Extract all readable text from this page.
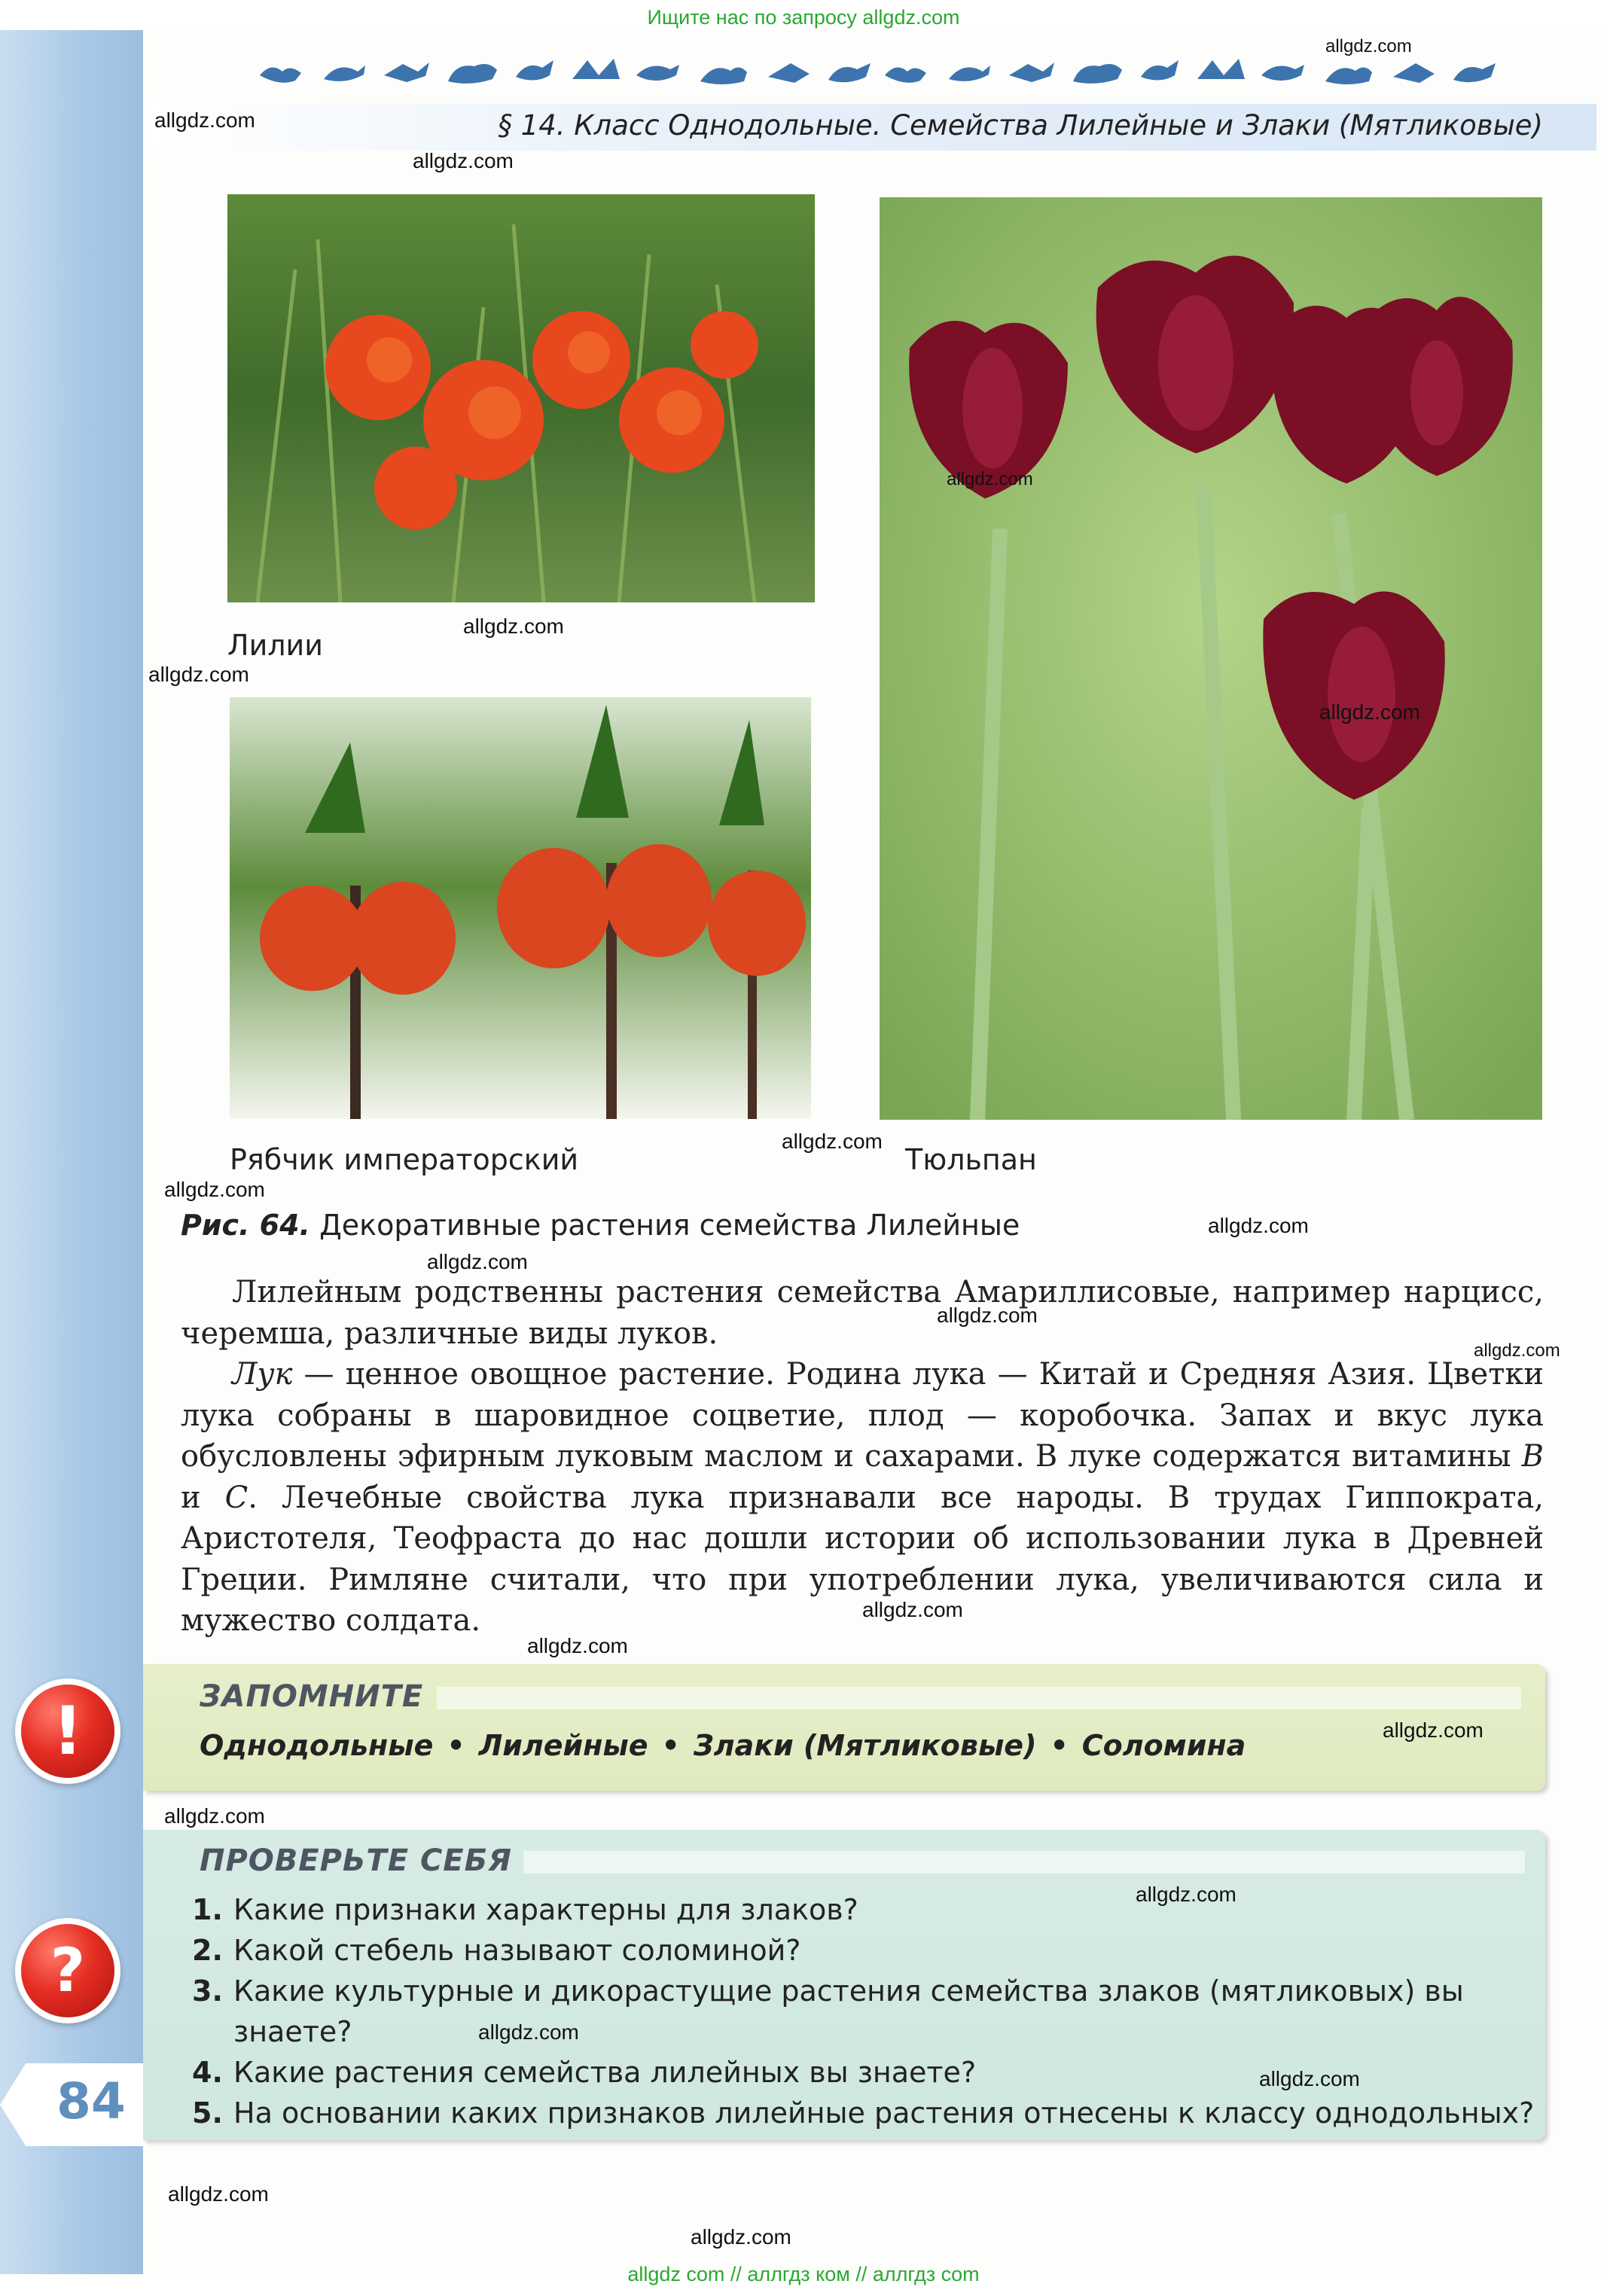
Ищите нас по запросу allgdz.com
§ 14. Класс Однодольные. Семейства Лилейные и Злаки (Мятликовые)
Лилии
Рябчик императорский	Тюльпан
Рис. 64. Декоративные растения семейства Лилейные
Лилейным родственны растения семейства Амариллисовые, например нарцисс, черемша, различные виды луков.
Лук — ценное овощное растение. Родина лука — Китай и Средняя Азия. Цветки лука собраны в шаровидное соцветие, плод — коробочка. Запах и вкус лука обусловлены эфирным луковым маслом и сахарами. В луке содержатся витамины B и C. Лечебные свойства лука признавали все народы. В трудах Гиппократа, Аристотеля, Теофраста до нас дошли истории об использовании лука в Древней Греции. Римляне считали, что при употреблении лука, увеличиваются сила и мужество солдата.
ЗАПОМНИТЕ
Однодольные • Лилейные • Злаки (Мятликовые) • Соломина
!
ПРОВЕРЬТЕ СЕБЯ
?
1. Какие признаки характерны для злаков?
2. Какой стебель называют соломиной?
3. Какие культурные и дикорастущие растения семейства злаков (мятликовых) вы
знаете?
4. Какие растения семейства лилейных вы знаете?
5. На основании каких признаков лилейные растения отнесены к классу однодольных?
84
allgdz.com
allgdz.com
allgdz.com
allgdz.com
allgdz.com
allgdz.com
allgdz.com
allgdz.com
allgdz.com
allgdz.com
allgdz.com
allgdz.com
allgdz.com
allgdz.com
allgdz.com
allgdz.com
allgdz.com
allgdz.com
allgdz.com
allgdz.com
allgdz.com
allgdz.com
allgdz com // аллгдз ком // аллгдз com
